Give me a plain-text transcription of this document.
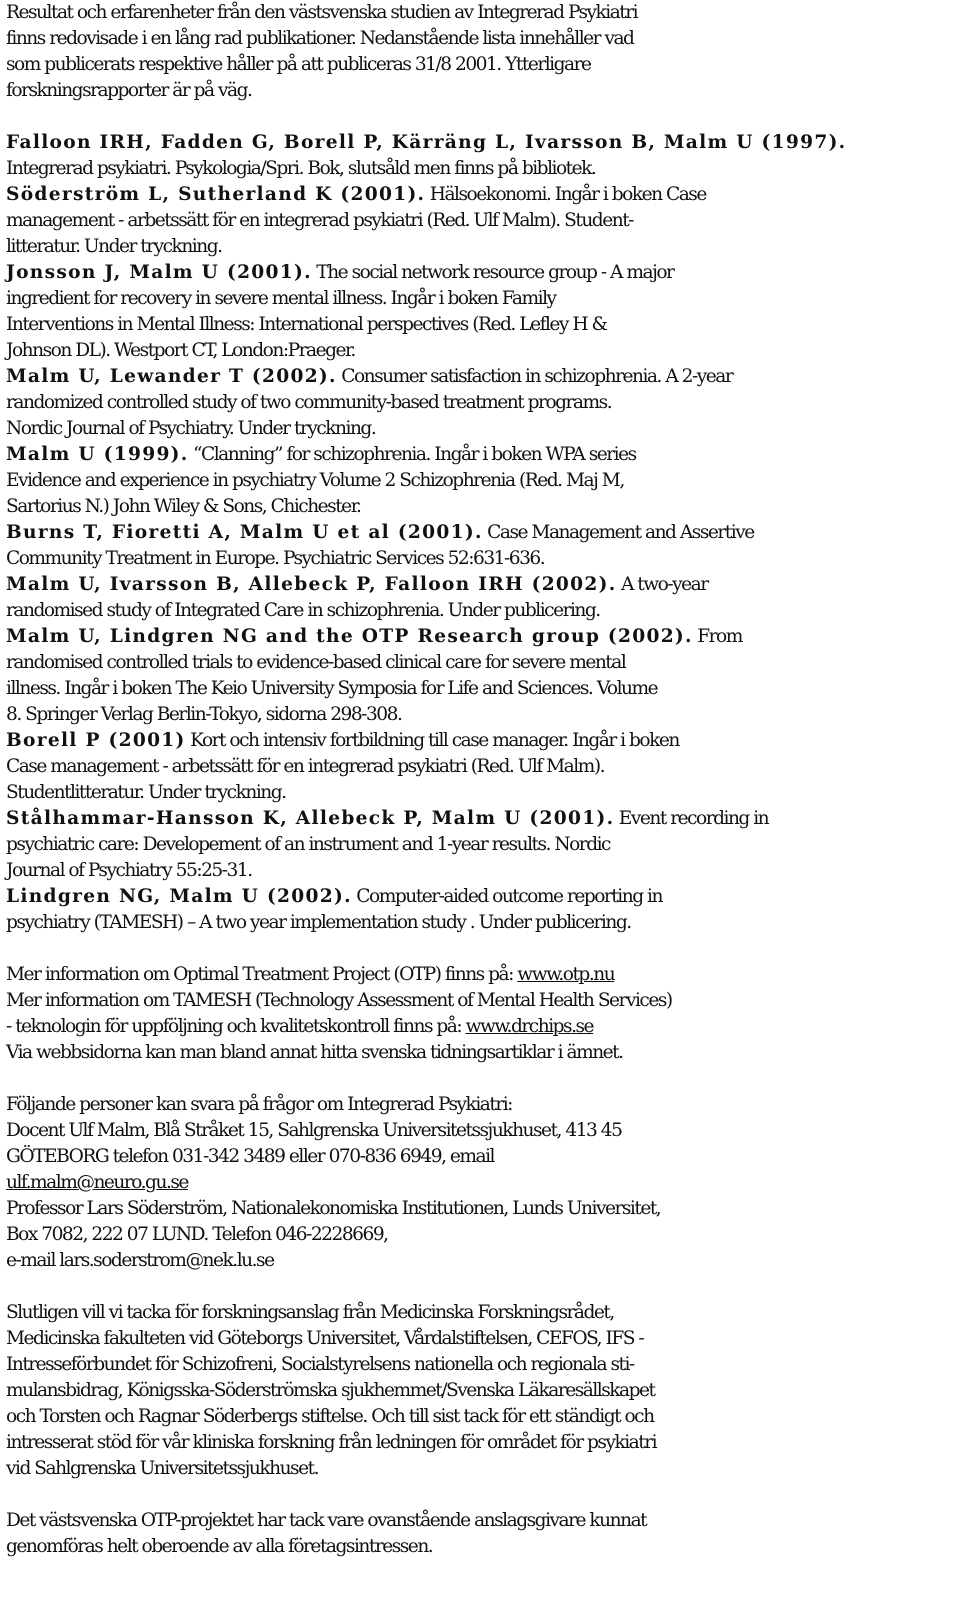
Resultat och erfarenheter från den västsvenska studien av Integrerad Psykiatri
finns redovisade i en lång rad publikationer. Nedanstående lista innehåller vad
som publicerats respektive håller på att publiceras 31/8 2001. Ytterligare
forskningsrapporter är på väg.
Falloon IRH, Fadden G, Borell P, Kärräng L, Ivarsson B, Malm U (1997).
Integrerad psykiatri. Psykologia/Spri. Bok, slutsåld men finns på bibliotek.
Söderström L, Sutherland K (2001). Hälsoekonomi. Ingår i boken Case
management - arbetssätt för en integrerad psykiatri (Red. Ulf Malm). Student-
litteratur. Under tryckning.
Jonsson J, Malm U (2001). The social network resource group - A major
ingredient for recovery in severe mental illness. Ingår i boken Family
Interventions in Mental Illness: International perspectives (Red. Lefley H &
Johnson DL). Westport CT, London:Praeger.
Malm U, Lewander T (2002). Consumer satisfaction in schizophrenia. A 2-year
randomized controlled study of two community-based treatment programs.
Nordic Journal of Psychiatry. Under tryckning.
Malm U (1999). “Clanning” for schizophrenia. Ingår i boken WPA series
Evidence and experience in psychiatry Volume 2 Schizophrenia (Red. Maj M,
Sartorius N.) John Wiley & Sons, Chichester.
Burns T, Fioretti A, Malm U et al (2001). Case Management and Assertive
Community Treatment in Europe. Psychiatric Services 52:631-636.
Malm U, Ivarsson B, Allebeck P, Falloon IRH (2002). A two-year
randomised study of Integrated Care in schizophrenia. Under publicering.
Malm U, Lindgren NG and the OTP Research group (2002). From
randomised controlled trials to evidence-based clinical care for severe mental
illness. Ingår i boken The Keio University Symposia for Life and Sciences. Volume
8. Springer Verlag Berlin-Tokyo, sidorna 298-308.
Borell P (2001) Kort och intensiv fortbildning till case manager. Ingår i boken
Case management - arbetssätt för en integrerad psykiatri (Red. Ulf Malm).
Studentlitteratur. Under tryckning.
Stålhammar-Hansson K, Allebeck P, Malm U (2001). Event recording in
psychiatric care: Developement of an instrument and 1-year results. Nordic
Journal of Psychiatry 55:25-31.
Lindgren NG, Malm U (2002). Computer-aided outcome reporting in
psychiatry (TAMESH) – A two year implementation study . Under publicering.
Mer information om Optimal Treatment Project (OTP) finns på: www.otp.nu
Mer information om TAMESH (Technology Assessment of Mental Health Services)
- teknologin för uppföljning och kvalitetskontroll finns på: www.drchips.se
Via webbsidorna kan man bland annat hitta svenska tidningsartiklar i ämnet.
Följande personer kan svara på frågor om Integrerad Psykiatri:
Docent Ulf Malm, Blå Stråket 15, Sahlgrenska Universitetssjukhuset, 413 45
GÖTEBORG telefon 031-342 3489 eller 070-836 6949, email
ulf.malm@neuro.gu.se
Professor Lars Söderström, Nationalekonomiska Institutionen, Lunds Universitet,
Box 7082, 222 07 LUND. Telefon 046-2228669,
e-mail lars.soderstrom@nek.lu.se
Slutligen vill vi tacka för forskningsanslag från Medicinska Forskningsrådet,
Medicinska fakulteten vid Göteborgs Universitet, Vårdalstiftelsen, CEFOS, IFS -
Intresseförbundet för Schizofreni, Socialstyrelsens nationella och regionala sti-
mulansbidrag, Königsska-Söderströmska sjukhemmet/Svenska Läkaresällskapet
och Torsten och Ragnar Söderbergs stiftelse. Och till sist tack för ett ständigt och
intresserat stöd för vår kliniska forskning från ledningen för området för psykiatri
vid Sahlgrenska Universitetssjukhuset.
Det västsvenska OTP-projektet har tack vare ovanstående anslagsgivare kunnat
genomföras helt oberoende av alla företagsintressen.
